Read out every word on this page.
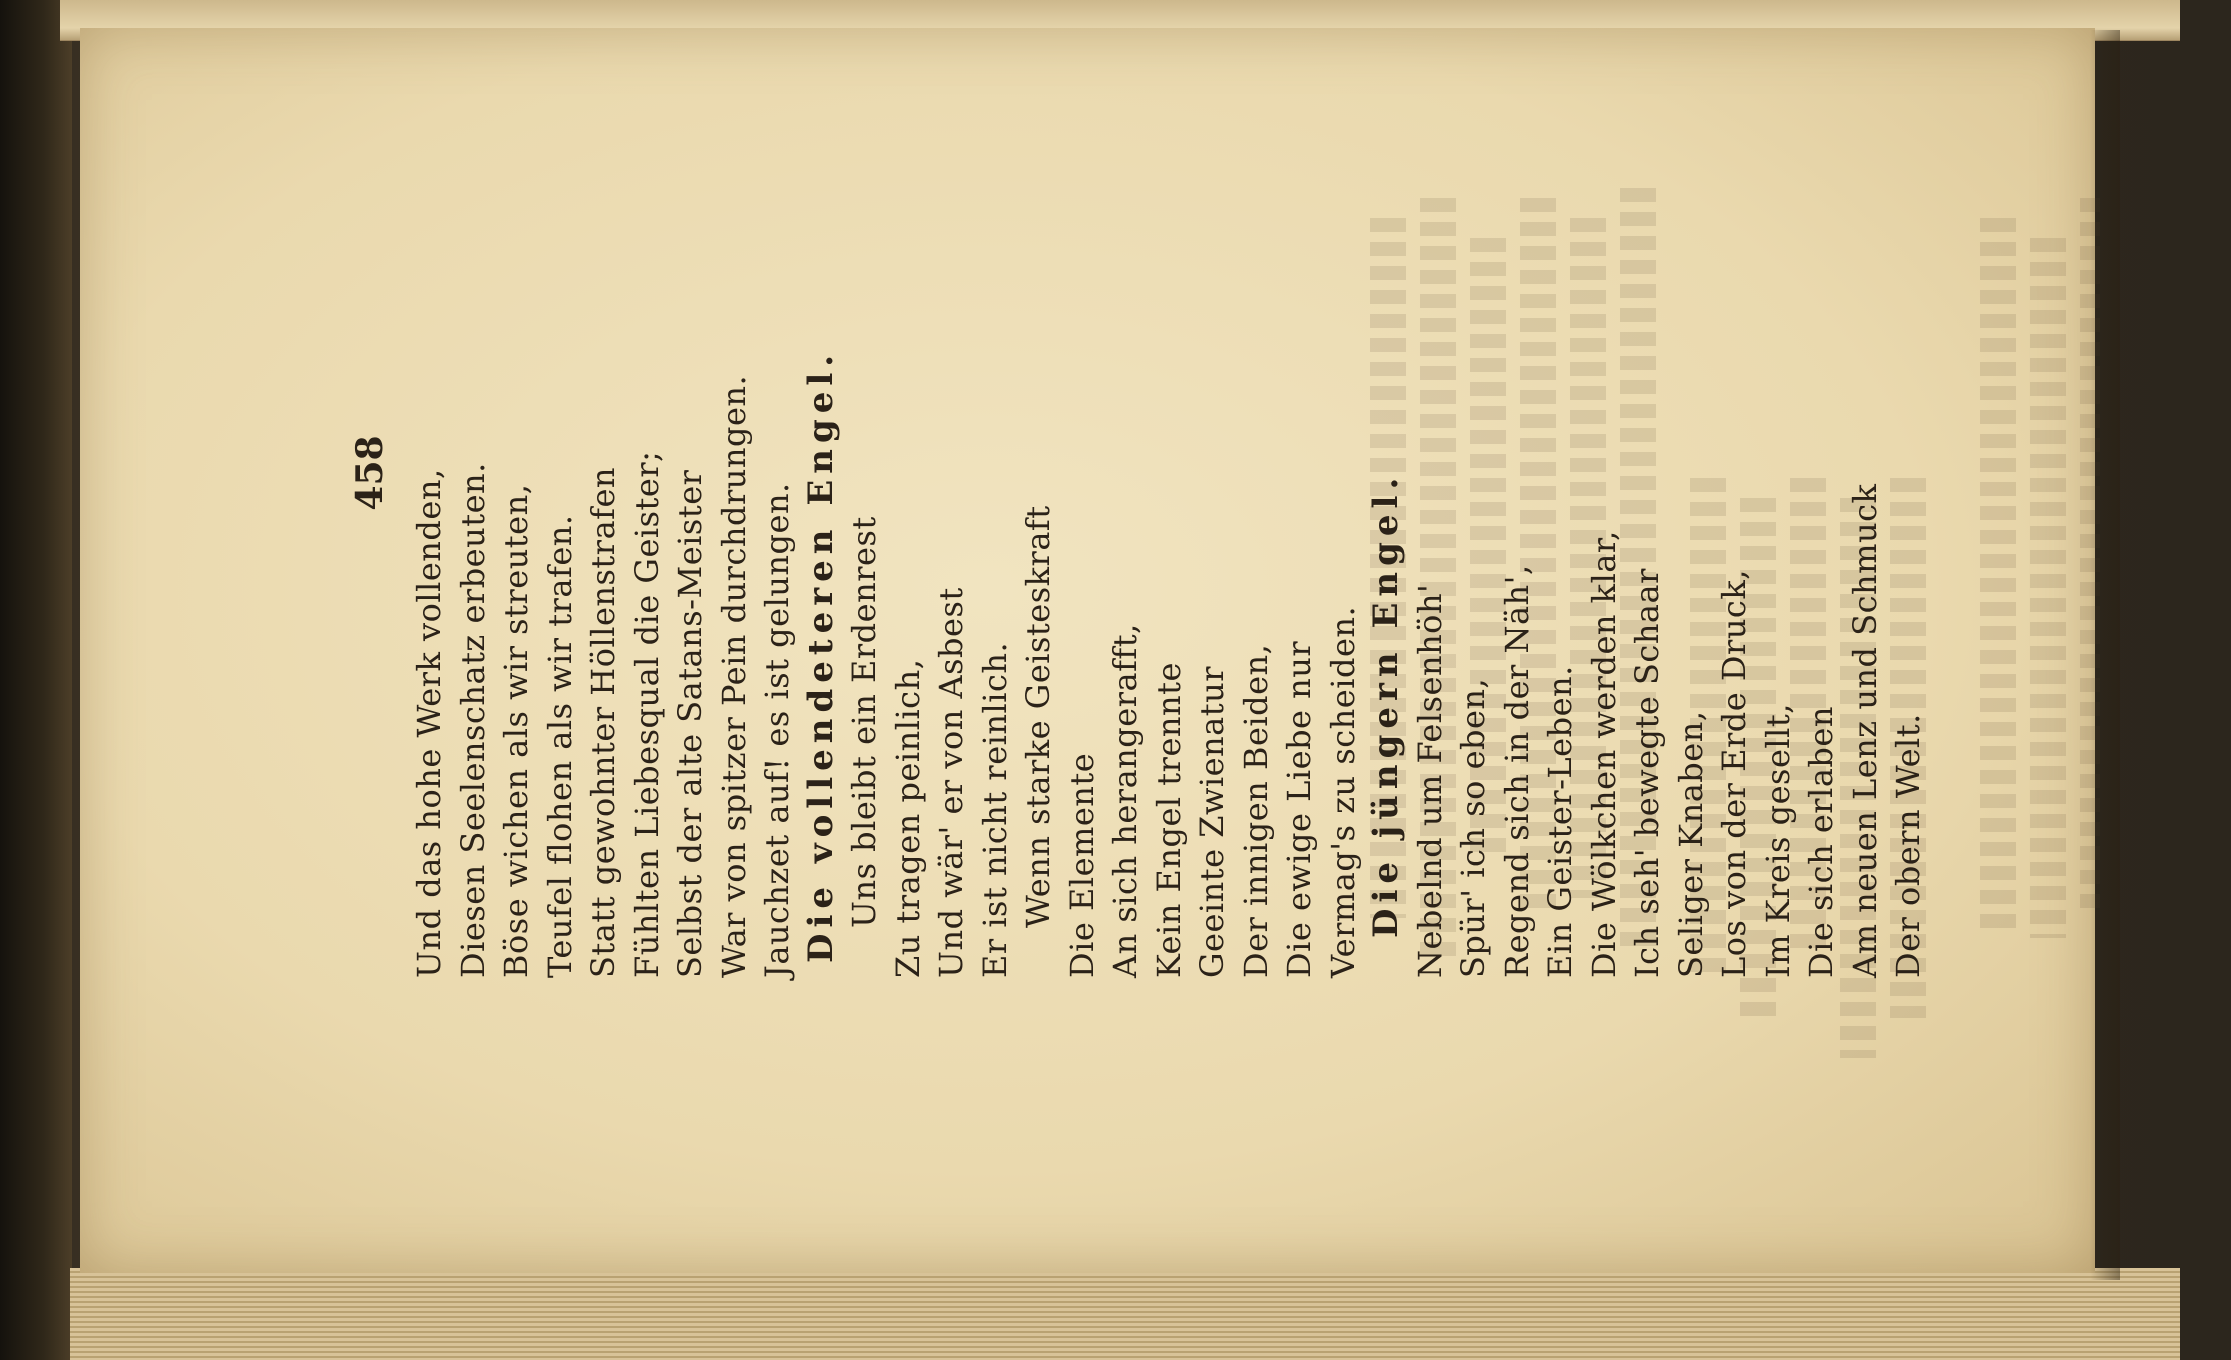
458 Und das hohe Werk vollenden, Diesen Seelenschatz erbeuten. Böse wichen als wir streuten, Teufel flohen als wir trafen. Statt gewohnter Höllenstrafen Fühlten Liebesqual die Geister; Selbst der alte Satans-Meister War von spitzer Pein durchdrungen. Jauchzet auf! es ist gelungen. Die vollendeteren Engel. Uns bleibt ein Erdenrest Zu tragen peinlich, Und wär' er von Asbest Er ist nicht reinlich. Wenn starke Geisteskraft Die Elemente An sich herangerafft, Kein Engel trennte Geeinte Zwienatur Der innigen Beiden, Die ewige Liebe nur Vermag's zu scheiden. Die jüngern Engel. Nebelnd um Felsenhöh' Spür' ich so eben, Regend sich in der Näh', Ein Geister-Leben. Die Wölkchen werden klar, Ich seh' bewegte Schaar Seliger Knaben, Los von der Erde Druck, Im Kreis gesellt, Die sich erlaben Am neuen Lenz und Schmuck Der obern Welt.
